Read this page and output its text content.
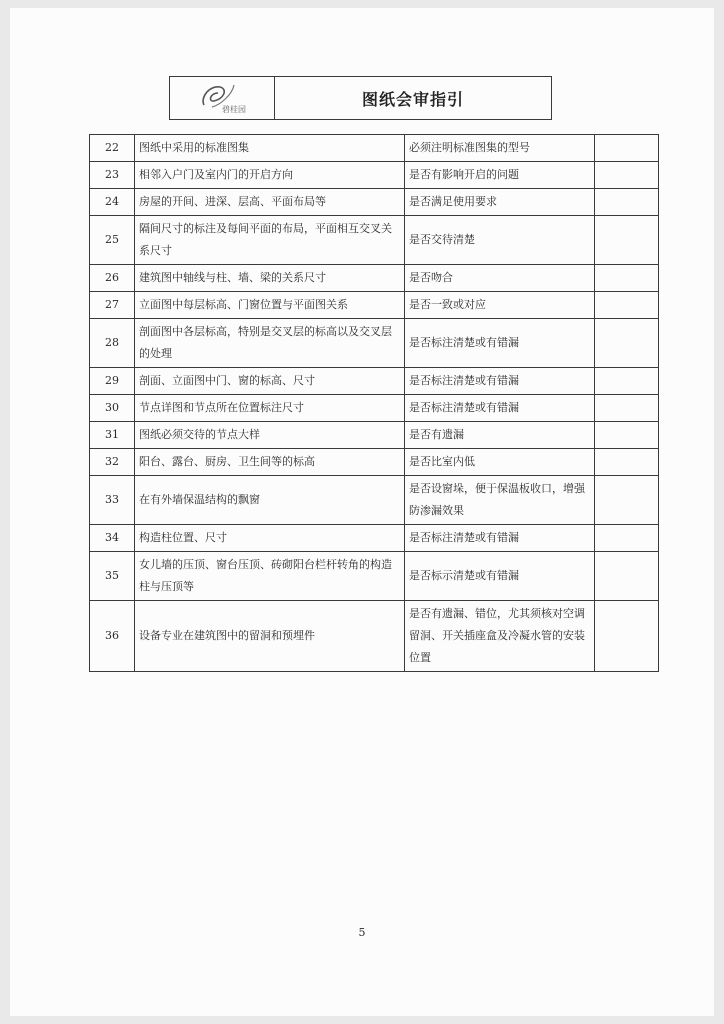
碧桂园
图纸会审指引
22	图纸中采用的标准图集	必须注明标准图集的型号	
23	相邻入户门及室内门的开启方向	是否有影响开启的问题	
24	房屋的开间、进深、层高、平面布局等	是否满足使用要求	
25	隔间尺寸的标注及每间平面的布局，平面相互交叉关系尺寸	是否交待清楚	
26	建筑图中轴线与柱、墙、梁的关系尺寸	是否吻合	
27	立面图中每层标高、门窗位置与平面图关系	是否一致或对应	
28	剖面图中各层标高，特别是交叉层的标高以及交叉层的处理	是否标注清楚或有错漏	
29	剖面、立面图中门、窗的标高、尺寸	是否标注清楚或有错漏	
30	节点详图和节点所在位置标注尺寸	是否标注清楚或有错漏	
31	图纸必须交待的节点大样	是否有遗漏	
32	阳台、露台、厨房、卫生间等的标高	是否比室内低	
33	在有外墙保温结构的飘窗	是否设窗垛，便于保温板收口，增强防渗漏效果	
34	构造柱位置、尺寸	是否标注清楚或有错漏	
35	女儿墙的压顶、窗台压顶、砖砌阳台栏杆转角的构造柱与压顶等	是否标示清楚或有错漏	
36	设备专业在建筑图中的留洞和预埋件	是否有遗漏、错位，尤其须核对空调留洞、开关插座盒及冷凝水管的安装位置	
5
